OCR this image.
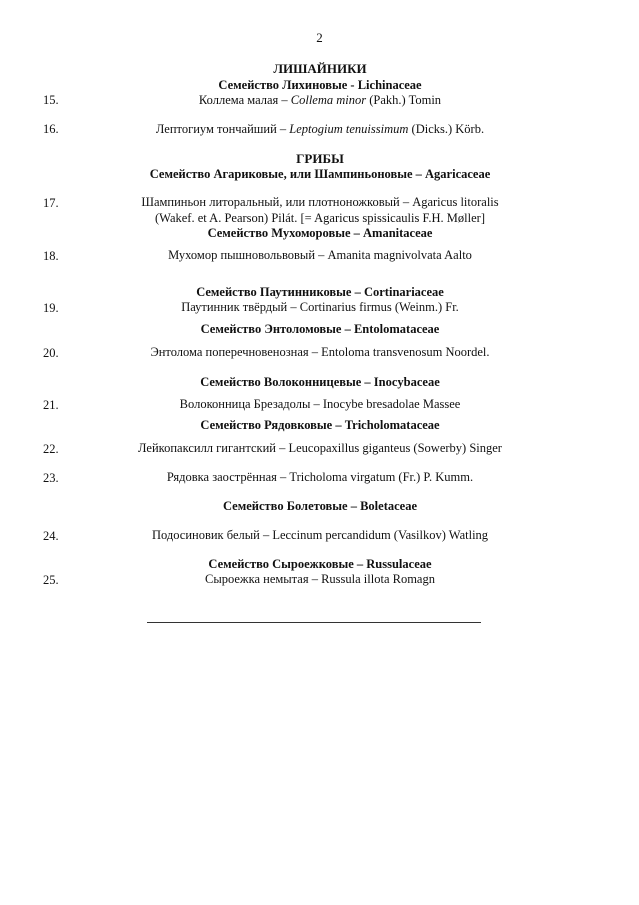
2
ЛИШАЙНИКИ
Семейство Лихиновые - Lichinaceae
15.	Коллема малая – Collema minor (Pakh.) Tomin
16.	Лептогиум тончайший – Leptogium tenuissimum (Dicks.) Körb.
ГРИБЫ
Семейство Агариковые, или Шампиньоновые – Agaricaceae
17.	Шампиньон литоральный, или плотноножковый – Agaricus litoralis
(Wakef. et A. Pearson) Pilát. [= Agaricus spissicaulis F.H. Møller]
Семейство Мухоморовые – Amanitaceae
18.	Мухомор пышновольвовый – Amanita magnivolvata Aalto
Семейство Паутинниковые – Cortinariaceae
19.	Паутинник твёрдый – Cortinarius firmus (Weinm.) Fr.
Семейство Энтоломовые – Entolomataceae
20.	Энтолома поперечновенозная – Entoloma transvenosum Noordel.
Семейство Волоконницевые – Inocybaceae
21.	Волоконница Брезадолы – Inocybe bresadolae Massee
Семейство Рядовковые – Tricholomataceae
22.	Лейкопаксилл гигантский – Leucopaxillus giganteus (Sowerby) Singer
23.	Рядовка заострённая – Tricholoma virgatum (Fr.) P. Kumm.
Семейство Болетовые – Boletaceae
24.	Подосиновик белый – Leccinum percandidum (Vasilkov) Watling
Семейство Сыроежковые – Russulaceae
25.	Сыроежка немытая – Russula illota Romagn
